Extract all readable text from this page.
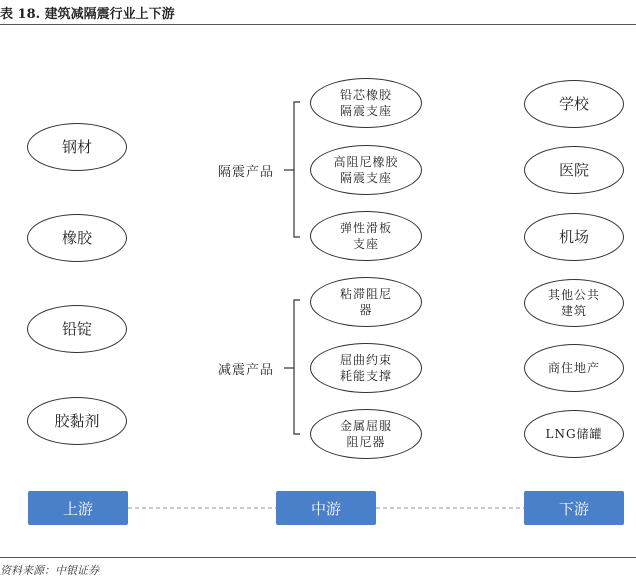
表 18. 建筑减隔震行业上下游
钢材
橡胶
铅锭
胶黏剂
隔震产品
减震产品
铅芯橡胶
隔震支座
高阻尼橡胶
隔震支座
弹性滑板
支座
粘滞阻尼
器
屈曲约束
耗能支撑
金属屈服
阻尼器
学校
医院
机场
其他公共
建筑
商住地产
LNG储罐
上游	中游	下游
资料来源：中银证券
